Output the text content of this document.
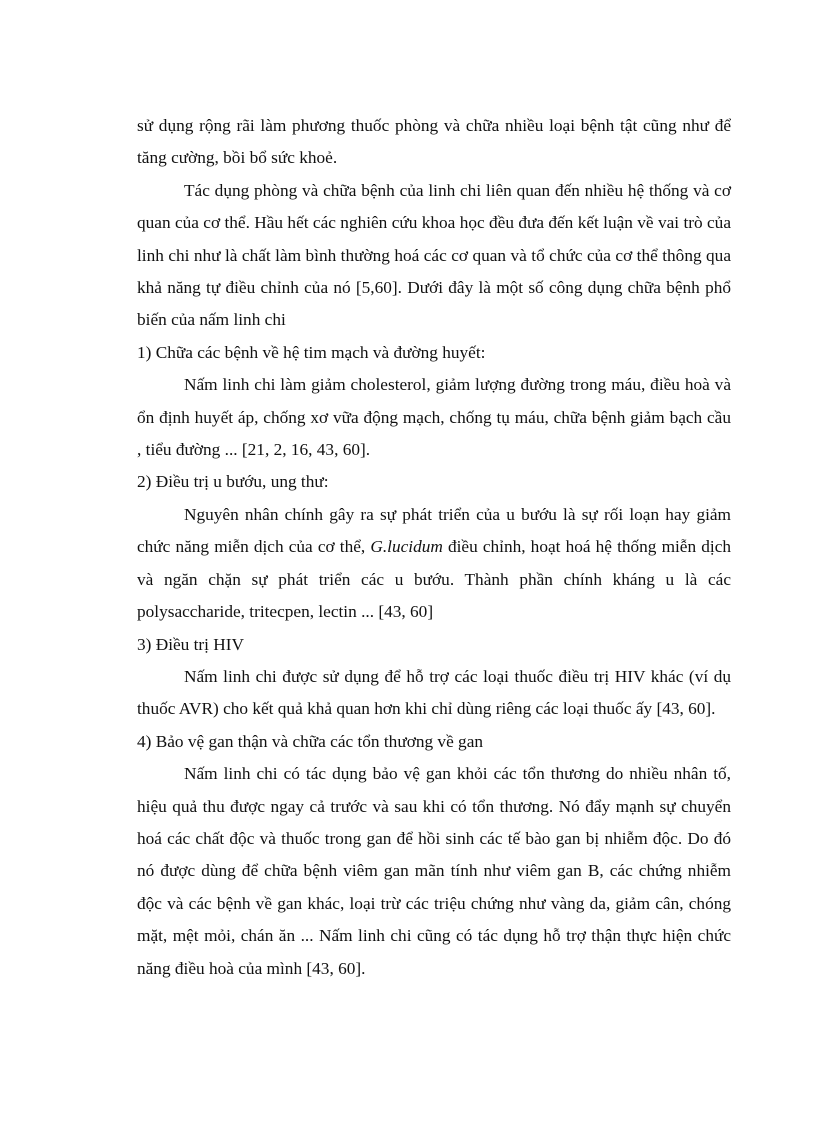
sử dụng rộng rãi làm phương thuốc phòng và chữa nhiều loại bệnh tật cũng như để tăng cường, bồi bổ sức khoẻ.

Tác dụng phòng và chữa bệnh của linh chi liên quan đến nhiều hệ thống và cơ quan của cơ thể. Hầu hết các nghiên cứu khoa học đều đưa đến kết luận về vai trò của linh chi như là chất làm bình thường hoá các cơ quan và tổ chức của cơ thể thông qua khả năng tự điều chỉnh của nó [5,60]. Dưới đây là một số công dụng chữa bệnh phổ biến của nấm linh chi

1) Chữa các bệnh về hệ tim mạch và đường huyết:

Nấm linh chi làm giảm cholesterol, giảm lượng đường trong máu, điều hoà và ổn định huyết áp, chống xơ vữa động mạch, chống tụ máu, chữa bệnh giảm bạch cầu , tiểu đường ... [21, 2, 16, 43, 60].

2) Điều trị u bướu, ung thư:

Nguyên nhân chính gây ra sự phát triển của u bướu là sự rối loạn hay giảm chức năng miễn dịch của cơ thể, G.lucidum điều chỉnh, hoạt hoá hệ thống miễn dịch và ngăn chặn sự phát triển các u bướu. Thành phần chính kháng u là các polysaccharide, tritecpen, lectin ... [43, 60]

3) Điều trị HIV

Nấm linh chi được sử dụng để hỗ trợ các loại thuốc điều trị HIV khác (ví dụ thuốc AVR) cho kết quả khả quan hơn khi chỉ dùng riêng các loại thuốc ấy [43, 60].

4) Bảo vệ gan thận và chữa các tổn thương về gan

Nấm linh chi có tác dụng bảo vệ gan khỏi các tổn thương do nhiều nhân tố, hiệu quả thu được ngay cả trước và sau khi có tổn thương. Nó đẩy mạnh sự chuyển hoá các chất độc và thuốc trong gan để hồi sinh các tế bào gan bị nhiễm độc. Do đó nó được dùng để chữa bệnh viêm gan mãn tính như viêm gan B, các chứng nhiễm độc và các bệnh về gan khác, loại trừ các triệu chứng như vàng da, giảm cân, chóng mặt, mệt mỏi, chán ăn ... Nấm linh chi cũng có tác dụng hỗ trợ thận thực hiện chức năng điều hoà của mình [43, 60].
